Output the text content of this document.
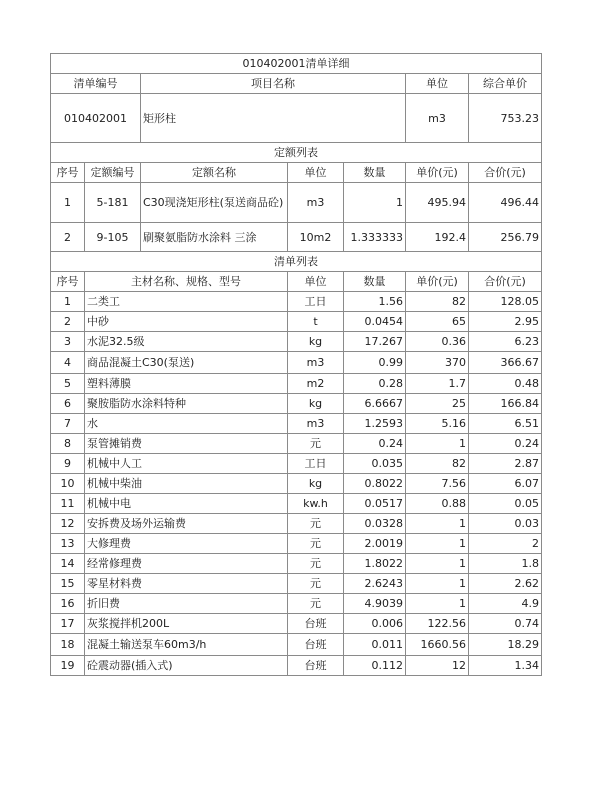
010402001清单详细						
清单编号		项目名称			单位	综合单价
010402001		矩形柱			m3	753.23
定额列表						
序号	定额编号	定额名称	单位	数量	单价(元)	合价(元)
1	5-181	C30现浇矩形柱(泵送商品砼)	m3	1	495.94	496.44
2	9-105	刷聚氨脂防水涂料 三涂	10m2	1.333333	192.4	256.79
清单列表						
序号	主材名称、规格、型号		单位	数量	单价(元)	合价(元)
1	二类工		工日	1.56	82	128.05
2	中砂		t	0.0454	65	2.95
3	水泥32.5级		kg	17.267	0.36	6.23
4	商品混凝土C30(泵送)		m3	0.99	370	366.67
5	塑料薄膜		m2	0.28	1.7	0.48
6	聚胺脂防水涂料特种		kg	6.6667	25	166.84
7	水		m3	1.2593	5.16	6.51
8	泵管摊销费		元	0.24	1	0.24
9	机械中人工		工日	0.035	82	2.87
10	机械中柴油		kg	0.8022	7.56	6.07
11	机械中电		kw.h	0.0517	0.88	0.05
12	安拆费及场外运输费		元	0.0328	1	0.03
13	大修理费		元	2.0019	1	2
14	经常修理费		元	1.8022	1	1.8
15	零星材料费		元	2.6243	1	2.62
16	折旧费		元	4.9039	1	4.9
17	灰浆搅拌机200L		台班	0.006	122.56	0.74
18	混凝土输送泵车60m3/h		台班	0.011	1660.56	18.29
19	砼震动器(插入式)		台班	0.112	12	1.34
